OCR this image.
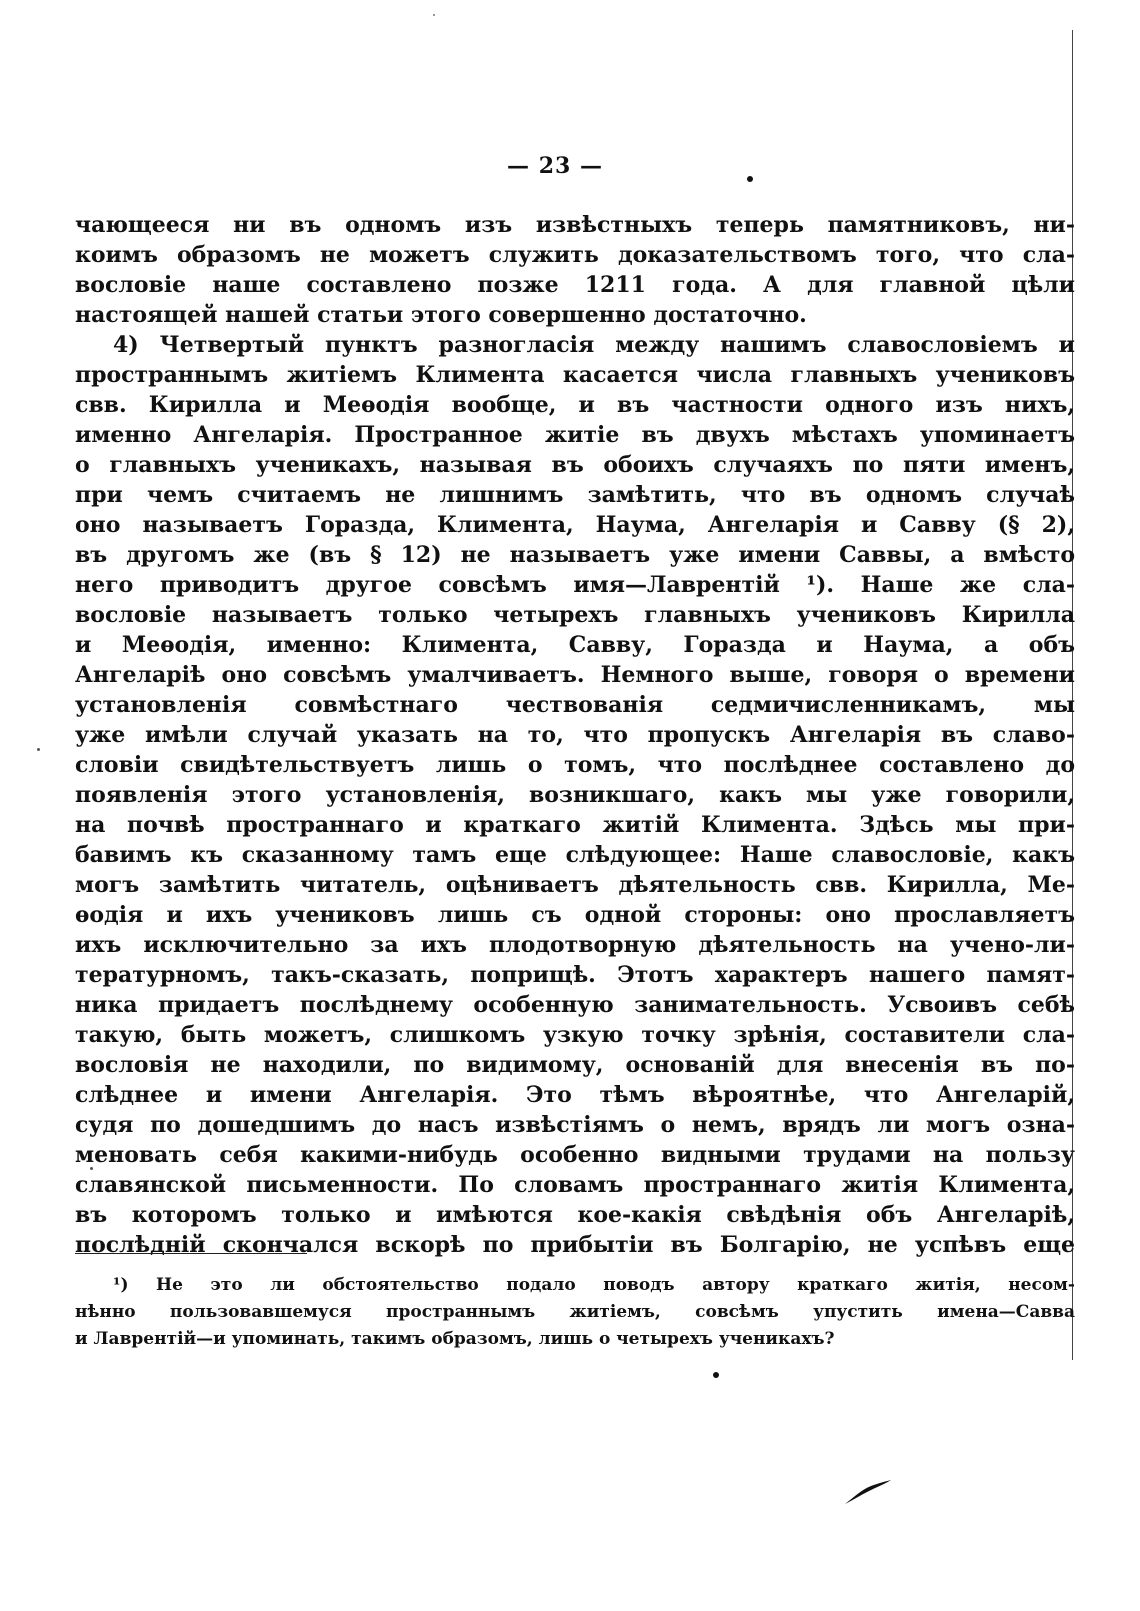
— 23 —
чающееся ни въ одномъ изъ извѣстныхъ теперь памятниковъ, ни-
коимъ образомъ не можетъ служить доказательствомъ того, что сла-
вословіе наше составлено позже 1211 года. А для главной цѣли
настоящей нашей статьи этого совершенно достаточно.
4) Четвертый пунктъ разногласія между нашимъ славословіемъ и
пространнымъ житіемъ Климента касается числа главныхъ учениковъ
свв. Кирилла и Меѳодія вообще, и въ частности одного изъ нихъ,
именно Ангеларія. Пространное житіе въ двухъ мѣстахъ упоминаетъ
о главныхъ ученикахъ, называя въ обоихъ случаяхъ по пяти именъ,
при чемъ считаемъ не лишнимъ замѣтить, что въ одномъ случаѣ
оно называетъ Горазда, Климента, Наума, Ангеларія и Савву (§ 2),
въ другомъ же (въ § 12) не называетъ уже имени Саввы, а вмѣсто
него приводитъ другое совсѣмъ имя—Лаврентій ¹). Наше же сла-
вословіе называетъ только четырехъ главныхъ учениковъ Кирилла
и Меѳодія, именно: Климента, Савву, Горазда и Наума, а объ
Ангеларіѣ оно совсѣмъ умалчиваетъ. Немного выше, говоря о времени
установленія совмѣстнаго чествованія седмичисленникамъ, мы
уже имѣли случай указать на то, что пропускъ Ангеларія въ славо-
словіи свидѣтельствуетъ лишь о томъ, что послѣднее составлено до
появленія этого установленія, возникшаго, какъ мы уже говорили,
на почвѣ пространнаго и краткаго житій Климента. Здѣсь мы при-
бавимъ къ сказанному тамъ еще слѣдующее: Наше славословіе, какъ
могъ замѣтить читатель, оцѣниваетъ дѣятельность свв. Кирилла, Ме-
ѳодія и ихъ учениковъ лишь съ одной стороны: оно прославляетъ
ихъ исключительно за ихъ плодотворную дѣятельность на учено-ли-
тературномъ, такъ-сказать, поприщѣ. Этотъ характеръ нашего памят-
ника придаетъ послѣднему особенную занимательность. Усвоивъ себѣ
такую, быть можетъ, слишкомъ узкую точку зрѣнія, составители сла-
вословія не находили, по видимому, основаній для внесенія въ по-
слѣднее и имени Ангеларія. Это тѣмъ вѣроятнѣе, что Ангеларій,
судя по дошедшимъ до насъ извѣстіямъ о немъ, врядъ ли могъ озна-
меновать себя какими-нибудь особенно видными трудами на пользу
славянской письменности. По словамъ пространнаго житія Климента,
въ которомъ только и имѣются кое-какія свѣдѣнія объ Ангеларіѣ,
послѣдній скончался вскорѣ по прибытіи въ Болгарію, не успѣвъ еще
¹) Не это ли обстоятельство подало поводъ автору краткаго житія, несом-
нѣнно пользовавшемуся пространнымъ житіемъ, совсѣмъ упустить имена—Савва
и Лаврентій—и упоминать, такимъ образомъ, лишь о четырехъ ученикахъ?
